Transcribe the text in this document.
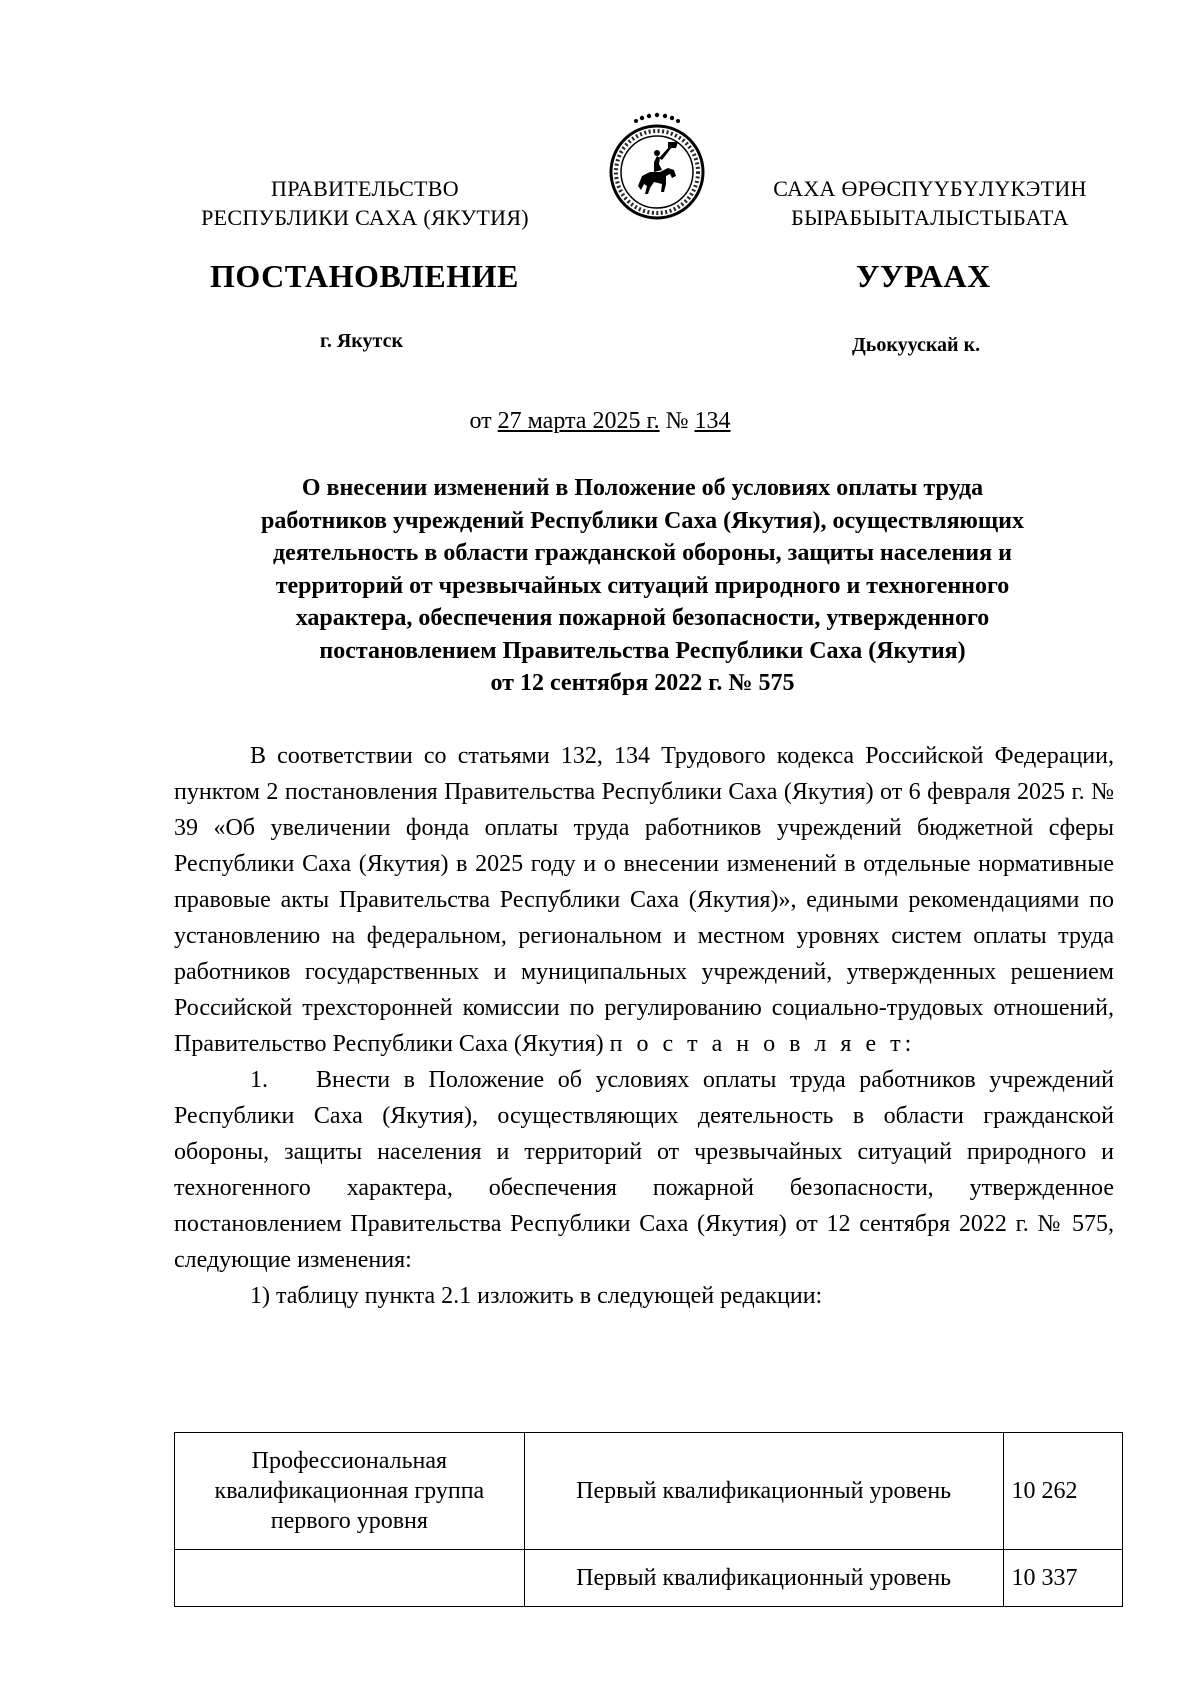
ПРАВИТЕЛЬСТВО
РЕСПУБЛИКИ САХА (ЯКУТИЯ)
САХА ӨРӨСПҮҮБҮЛҮКЭТИН
БЫРАБЫЫТАЛЫСТЫБАТА
ПОСТАНОВЛЕНИЕ	УУРААХ
г. Якутск	Дьокуускай к.
от 27 марта 2025 г. № 134
О внесении изменений в Положение об условиях оплаты труда
работников учреждений Республики Саха (Якутия), осуществляющих
деятельность в области гражданской обороны, защиты населения и
территорий от чрезвычайных ситуаций природного и техногенного
характера, обеспечения пожарной безопасности, утвержденного
постановлением Правительства Республики Саха (Якутия)
от 12 сентября 2022 г. № 575

В соответствии со статьями 132, 134 Трудового кодекса Российской Федерации, пунктом 2 постановления Правительства Республики Саха (Якутия) от 6 февраля 2025 г. № 39 «Об увеличении фонда оплаты труда работников учреждений бюджетной сферы Республики Саха (Якутия) в 2025 году и о внесении изменений в отдельные нормативные правовые акты Правительства Республики Саха (Якутия)», едиными рекомендациями по установлению на федеральном, региональном и местном уровнях систем оплаты труда работников государственных и муниципальных учреждений, утвержденных решением Российской трехсторонней комиссии по регулированию социально-трудовых отношений, Правительство Республики Саха (Якутия) п о с т а н о в л я е т:

1. Внести в Положение об условиях оплаты труда работников учреждений Республики Саха (Якутия), осуществляющих деятельность в области гражданской обороны, защиты населения и территорий от чрезвычайных ситуаций природного и техногенного характера, обеспечения пожарной безопасности, утвержденное постановлением Правительства Республики Саха (Якутия) от 12 сентября 2022 г. № 575, следующие изменения:

1) таблицу пункта 2.1 изложить в следующей редакции:

Профессиональная квалификационная группа первого уровня	Первый квалификационный уровень	10 262
	Первый квалификационный уровень	10 337
